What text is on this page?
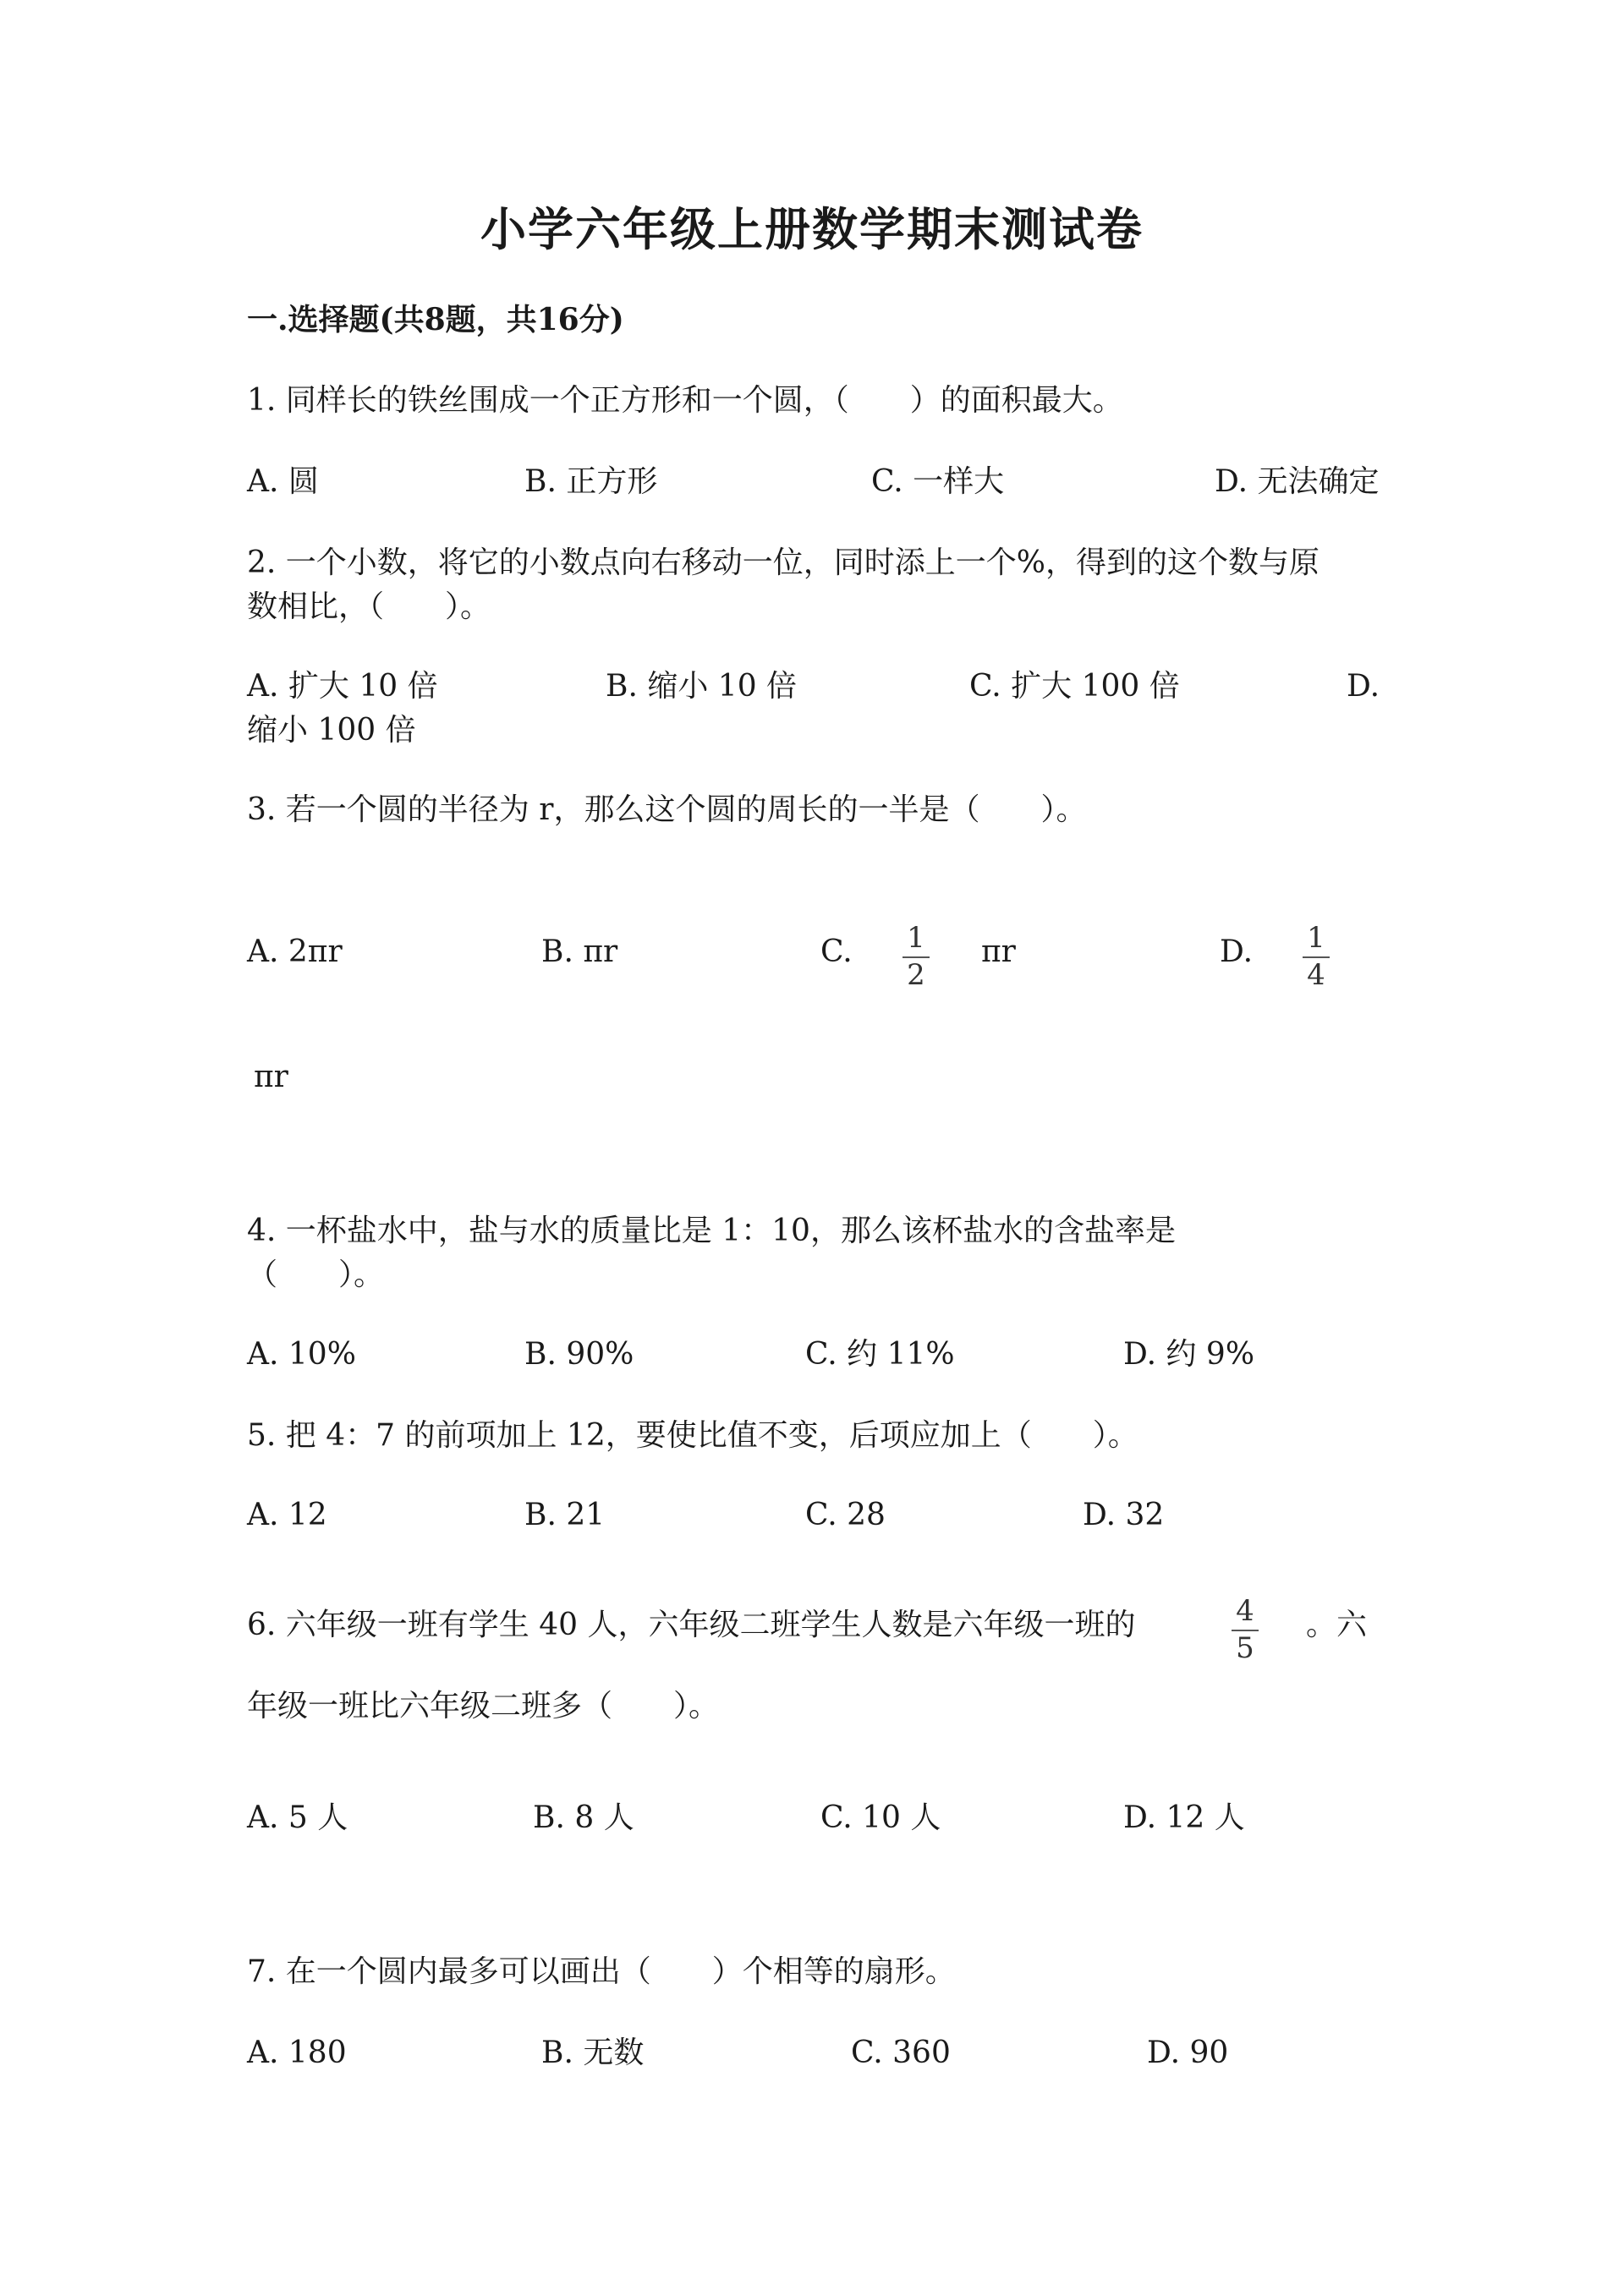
小学六年级上册数学期末测试卷
一.选择题(共8题，共16分)
1. 同样长的铁丝围成一个正方形和一个圆，（　　）的面积最大。
A. 圆	B. 正方形	C. 一样大	D. 无法确定
2. 一个小数，将它的小数点向右移动一位，同时添上一个%，得到的这个数与原
数相比，（　　）。
A. 扩大 10 倍	B. 缩小 10 倍	C. 扩大 100 倍	D.
缩小 100 倍
3. 若一个圆的半径为 r，那么这个圆的周长的一半是（　　）。
A. 2πr	B. πr	C. 1
2
πr	D. 1
4
πr
4. 一杯盐水中，盐与水的质量比是 1：10，那么该杯盐水的含盐率是
（　　）。
A. 10%	B. 90%	C. 约 11%	D. 约 9%
5. 把 4：7 的前项加上 12，要使比值不变，后项应加上（　　）。
A. 12	B. 21	C. 28	D. 32
6. 六年级一班有学生 40 人，六年级二班学生人数是六年级一班的	4
5
。六
年级一班比六年级二班多（　　）。
A. 5 人	B. 8 人	C. 10 人	D. 12 人
7. 在一个圆内最多可以画出（　　）个相等的扇形。
A. 180	B. 无数	C. 360	D. 90
